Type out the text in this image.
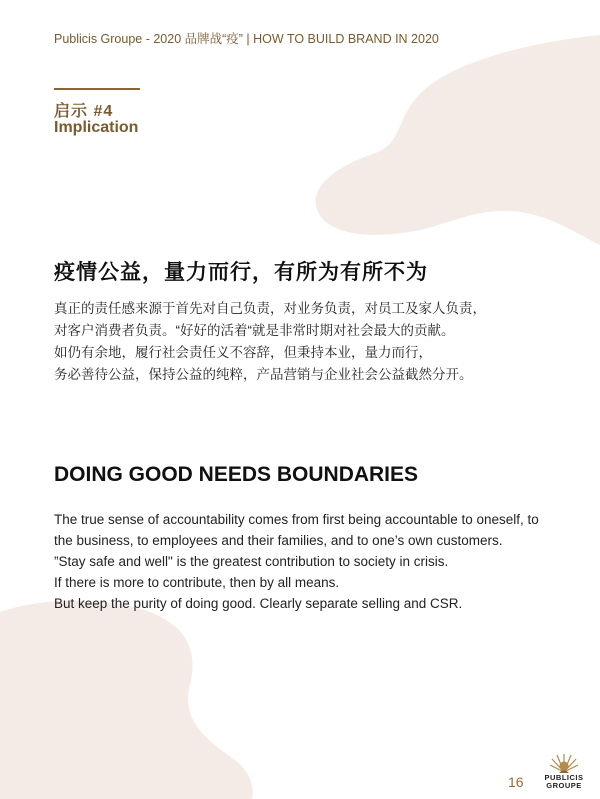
Publicis Groupe - 2020 品牌战“疫” | HOW TO BUILD BRAND IN 2020
启示 #4
Implication
疫情公益，量力而行，有所为有所不为

真正的责任感来源于首先对自己负责，对业务负责，对员工及家人负责，

对客户消费者负责。“好好的活着“就是非常时期对社会最大的贡献。

如仍有余地，履行社会责任义不容辞，但秉持本业，量力而行，

务必善待公益，保持公益的纯粹，产品营销与企业社会公益截然分开。

DOING GOOD NEEDS BOUNDARIES

The true sense of accountability comes from first being accountable to oneself, to the business, to employees and their families, and to one’s own customers.

”Stay safe and well" is the greatest contribution to society in crisis.

If there is more to contribute, then by all means.

But keep the purity of doing good. Clearly separate selling and CSR.

16	PUBLICIS
GROUPE
